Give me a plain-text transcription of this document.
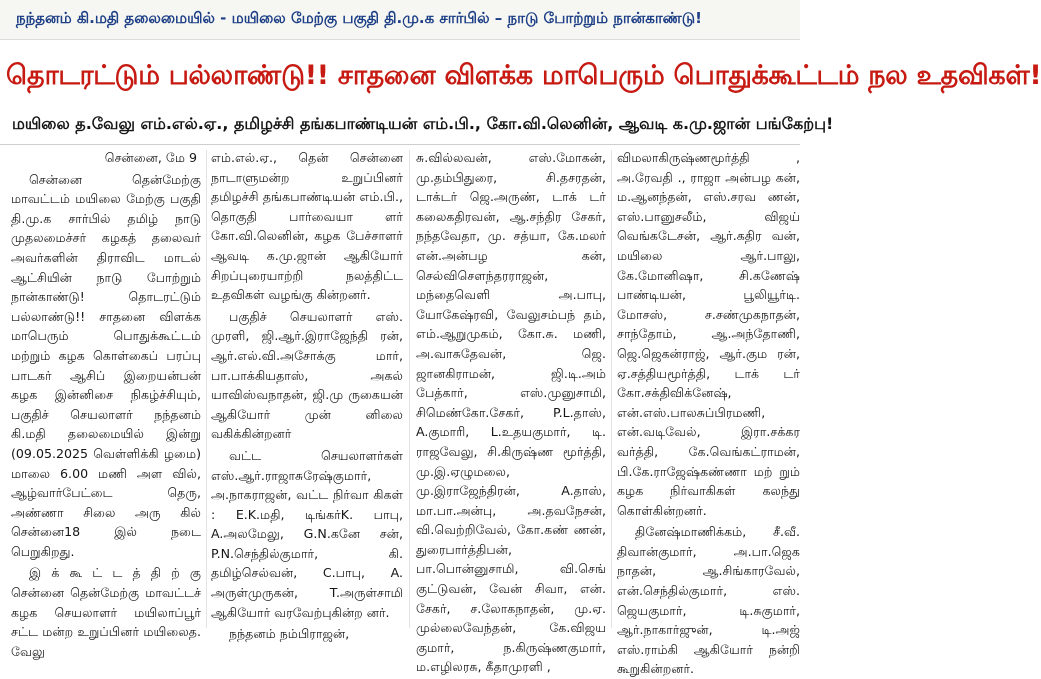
நந்தனம் கி.மதி தலைமையில் - மயிலை மேற்கு பகுதி தி.மு.க சார்பில் – நாடு போற்றும் நான்காண்டு!
தொடரட்டும் பல்லாண்டு!! சாதனை விளக்க மாபெரும் பொதுக்கூட்டம் நல உதவிகள்!
மயிலை த.வேலு எம்.எல்.ஏ., தமிழச்சி தங்கபாண்டியன் எம்.பி., கோ.வி.லெனின், ஆவடி க.மு.ஜான் பங்கேற்பு!

சென்னை, மே 9

சென்னை தென்மேற்கு மாவட்டம் மயிலை மேற்கு பகுதி தி.மு.க சார்பில் தமிழ் நாடு முதலமைச்சர் கழகத் தலைவர் அவர்களின் திராவிட மாடல் ஆட்சியின் நாடு போற்றும் நான்காண்டு! தொடரட்டும் பல்லாண்டு!! சாதனை விளக்க மாபெரும் பொதுக்கூட்டம் மற்றும் கழக கொள்கைப் பரப்பு பாடகர் ஆசிப் இறையன்பன் கழக இன்னிசை நிகழ்ச்சியும், பகுதிச் செயலாளர் நந்தனம் கி.மதி தலைமையில் இன்று (09.05.2025 வெள்ளிக்கி ழமை) மாலை 6.00 மணி அள வில், ஆழ்வார்பேட்டை தெரு, அண்ணா சிலை அரு கில் சென்னை18 இல் நடை பெறுகிறது.

இ க் கூ ட் ட த் தி ற் கு சென்னை தென்மேற்கு மாவட்டச் கழக செயலாளர் மயிலாப்பூர் சட்ட மன்ற உறுப்பினர் மயிலைத. வேலு

எம்.எல்.ஏ., தென் சென்னை நாடாளுமன்ற உறுப்பினர் தமிழச்சி தங்கபாண்டியன் எம்.பி., தொகுதி பார்வையா ளர் கோ.வி.லெனின், கழக பேச்சாளர் ஆவடி க.மு.ஜான் ஆகியோர் சிறப்புரையாற்றி நலத்திட்ட உதவிகள் வழங்கு கின்றனர்.

பகுதிச் செயலாளர் எஸ். முரளி, ஜி.ஆர்.இராஜேந்தி ரன், ஆர்.எல்.வி.அசோக்கு மார், பா.பாக்கியதாஸ், அகல் யாவிஸ்வநாதன், ஜி.மு ருகையன் ஆகியோர் முன் னிலை வகிக்கின்றனர்

வட்ட செயலாளர்கள் எஸ்.ஆர்.ராஜாசுரேஷ்குமார், அ.நாகராஜன், வட்ட நிர்வா கிகள் : E.K.மதி, டிங்கர்K. பாபு, A.அலமேலு, G.N.கனே சன், P.N.செந்தில்குமார், கி. தமிழ்செல்வன், C.பாபு, A. அருள்முருகன், T.அருள்சாமி ஆகியோர் வரவேற்புகின்ற னர்.

நந்தனம் நம்பிராஜன்,

சு.வில்லவன், எஸ்.மோகன், மு.தம்பிதுரை, சி.தசரதன், டாக்டர் ஜெ.அருண், டாக் டர் கலைகதிரவன், ஆ.சந்திர சேகர், நந்தவேதா, மு. சத்யா, கே.மலர் என்.அன்பழ கன், செல்விசௌந்தரராஜன், மந்தைவெளி அ.பாபு, யோகேஷ்ரவி, வேலுசம்பந் தம், எம்.ஆறுமுகம், கோ.சு. மணி, அ.வாசுதேவன், ஜெ. ஜானகிராமன், ஜி.டி.அம் பேத்கார், எஸ்.முனுசாமி, சிமெண்கோ.சேகர், P.L.தாஸ், A.குமாரி, L.உதயகுமார், டி. ராஜவேலு, சி.கிருஷ்ண மூர்த்தி, மு.இ.ஏழுமலை, மு.இராஜேந்திரன், A.தாஸ், மா.பா.அன்பு, அ.தவநேசன், வி.வெற்றிவேல், கோ.கண் ணன், துரைபார்த்திபன், பா.பொன்னுசாமி, வி.செங் குட்டுவன், வேன் சிவா, என். சேகர், ச.லோகநாதன், மு.ஏ. முல்லைவேந்தன், கே.விஜய குமார், ந.கிருஷ்ணகுமார், ம.எழிலரசு, கீதாமுரளி ,

விமலாகிருஷ்ணமூர்த்தி , அ.ரேவதி ., ராஜா அன்பழ கன், ம.ஆனந்தன், எஸ்.சரவ ணன், எஸ்.பானுசலீம், விஜய் வெங்கடேசன், ஆர்.கதிர வன், மயிலை ஆர்.பாலு, கே.மோனிஷா, சி.கணேஷ் பாண்டியன், பூலியூர்டி. மோசஸ், ச.சண்முகநாதன், சாந்தோம், ஆ.அந்தோணி, ஜெ.ஜெகன்ராஜ், ஆர்.கும ரன், ஏ.சத்தியமூர்த்தி, டாக் டர் கோ.சக்திவிக்னேஷ், என்.எஸ்.பாலசுப்பிரமணி, என்.வடிவேல், இரா.சக்கர வர்த்தி, கே.வெங்கட்ராமன், பி.கே.ராஜேஷ்கண்ணா மற் றும் கழக நிர்வாகிகள் கலந்து கொள்கின்றனர்.

தினேஷ்மாணிக்கம், சீ.வீ. திவான்குமார், அ.பா.ஜெக நாதன், ஆ.சிங்காரவேல், என்.செந்தில்குமார், எஸ். ஜெயகுமார், டி.சுகுமார், ஆர்.நாகார்ஜுன், டி.அஜ் எஸ்.ராம்கி ஆகியோர் நன்றி கூறுகின்றனர்.
